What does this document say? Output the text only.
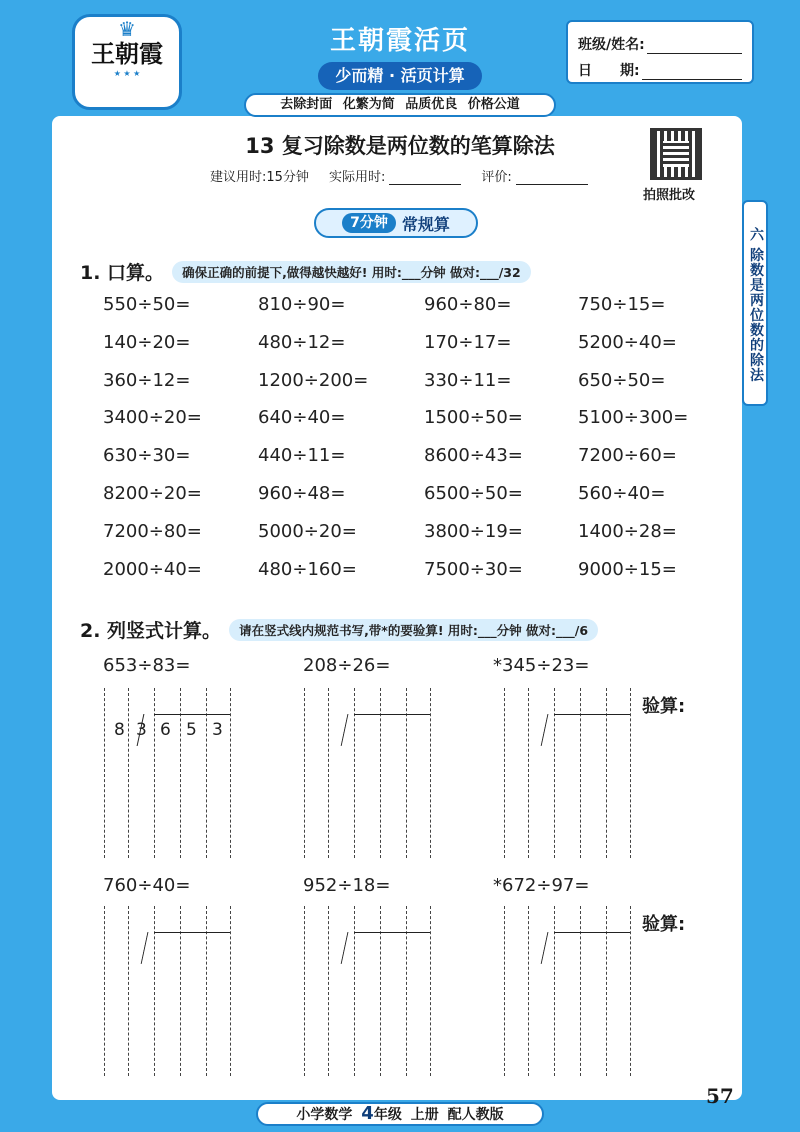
♛
王朝霞
★ ★ ★
王朝霞活页
少而精 · 活页计算
班级/姓名:
日　　期:
去除封面 化繁为简 品质优良 价格公道
13 复习除数是两位数的笔算除法
建议用时:15分钟 实际用时:	评价:
拍照批改
7分钟 常规算
六 除数是两位数的除法
1. 口算。	确保正确的前提下,做得越快越好! 用时:___分钟 做对:___/32
550÷50=	810÷90=	960÷80=	750÷15=
140÷20=	480÷12=	170÷17=	5200÷40=
360÷12=	1200÷200=	330÷11=	650÷50=
3400÷20=	640÷40=	1500÷50=	5100÷300=
630÷30=	440÷11=	8600÷43=	7200÷60=
8200÷20=	960÷48=	6500÷50=	560÷40=
7200÷80=	5000÷20=	3800÷19=	1400÷28=
2000÷40=	480÷160=	7500÷30=	9000÷15=
2. 列竖式计算。	请在竖式线内规范书写,带*的要验算! 用时:___分钟 做对:___/6
653÷83=	208÷26=	*345÷23=
760÷40=	952÷18=	*672÷97=
8 3 6 5 3
验算:
验算:
57
小学数学 4年级 上册 配人教版
